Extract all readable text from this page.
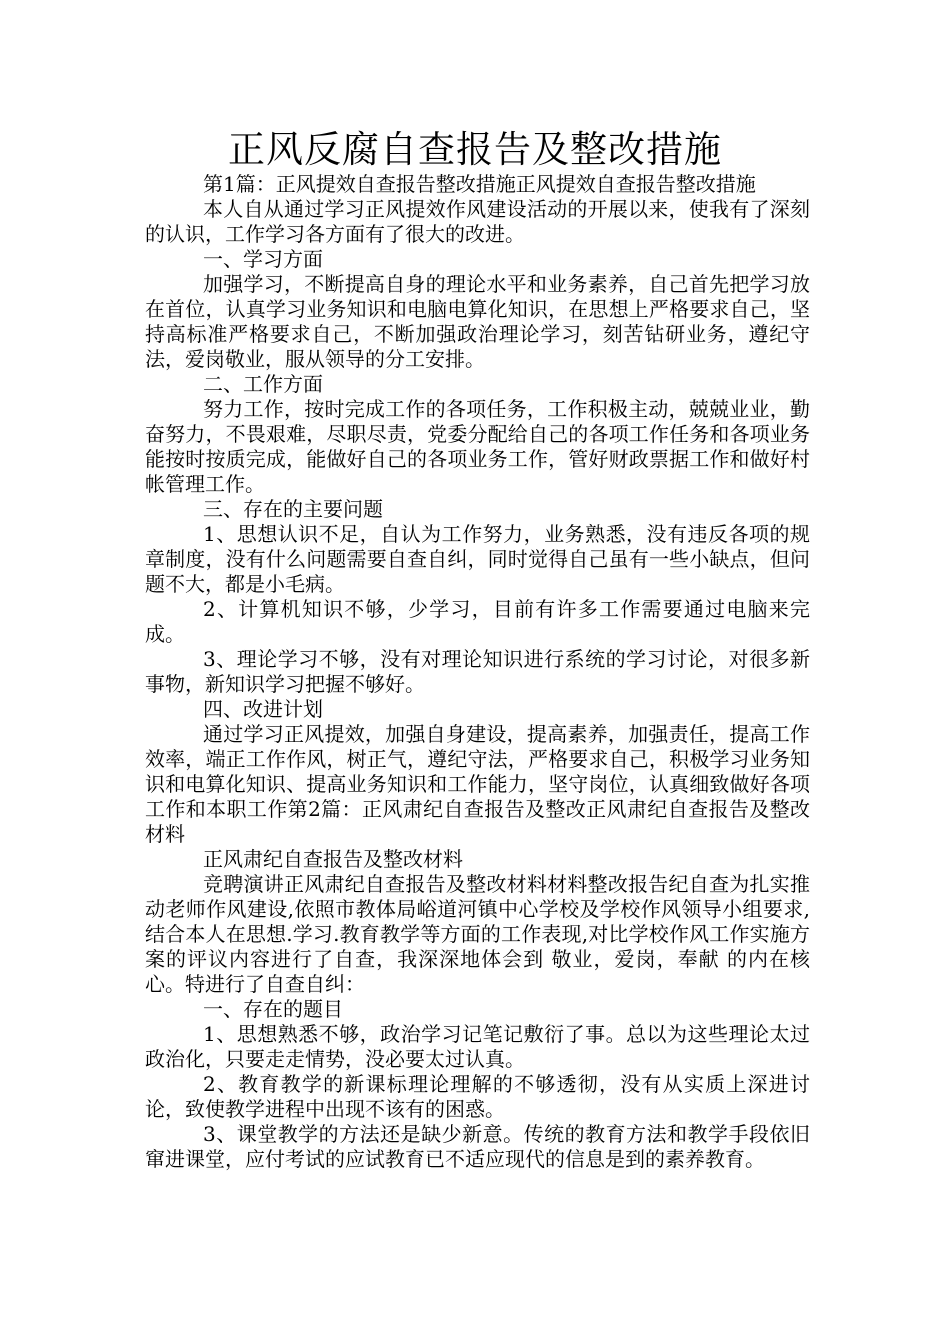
正风反腐自查报告及整改措施

第1篇：正风提效自查报告整改措施正风提效自查报告整改措施

本人自从通过学习正风提效作风建设活动的开展以来，使我有了深刻的认识，工作学习各方面有了很大的改进。

一、学习方面

加强学习，不断提高自身的理论水平和业务素养，自己首先把学习放在首位，认真学习业务知识和电脑电算化知识，在思想上严格要求自己，坚持高标准严格要求自己，不断加强政治理论学习，刻苦钻研业务，遵纪守法，爱岗敬业，服从领导的分工安排。

二、工作方面

努力工作，按时完成工作的各项任务，工作积极主动，兢兢业业，勤奋努力，不畏艰难，尽职尽责，党委分配给自己的各项工作任务和各项业务能按时按质完成，能做好自己的各项业务工作，管好财政票据工作和做好村帐管理工作。

三、存在的主要问题

1、思想认识不足，自认为工作努力，业务熟悉，没有违反各项的规章制度，没有什么问题需要自查自纠，同时觉得自己虽有一些小缺点，但问题不大，都是小毛病。

2、计算机知识不够，少学习，目前有许多工作需要通过电脑来完成。

3、理论学习不够，没有对理论知识进行系统的学习讨论，对很多新事物，新知识学习把握不够好。

四、改进计划

通过学习正风提效，加强自身建设，提高素养，加强责任，提高工作效率，端正工作作风，树正气，遵纪守法，严格要求自己，积极学习业务知识和电算化知识、提高业务知识和工作能力，坚守岗位，认真细致做好各项工作和本职工作第2篇：正风肃纪自查报告及整改正风肃纪自查报告及整改材料

正风肃纪自查报告及整改材料

竞聘演讲正风肃纪自查报告及整改材料材料整改报告纪自查为扎实推动老师作风建设,依照市教体局峪道河镇中心学校及学校作风领导小组要求,结合本人在思想.学习.教育教学等方面的工作表现,对比学校作风工作实施方案的评议内容进行了自查，我深深地体会到 敬业，爱岗，奉献 的内在核心。特进行了自查自纠：

一、存在的题目

1、思想熟悉不够，政治学习记笔记敷衍了事。总以为这些理论太过政治化，只要走走情势，没必要太过认真。

2、教育教学的新课标理论理解的不够透彻，没有从实质上深进讨论，致使教学进程中出现不该有的困惑。

3、课堂教学的方法还是缺少新意。传统的教育方法和教学手段依旧窜进课堂，应付考试的应试教育已不适应现代的信息是到的素养教育。
